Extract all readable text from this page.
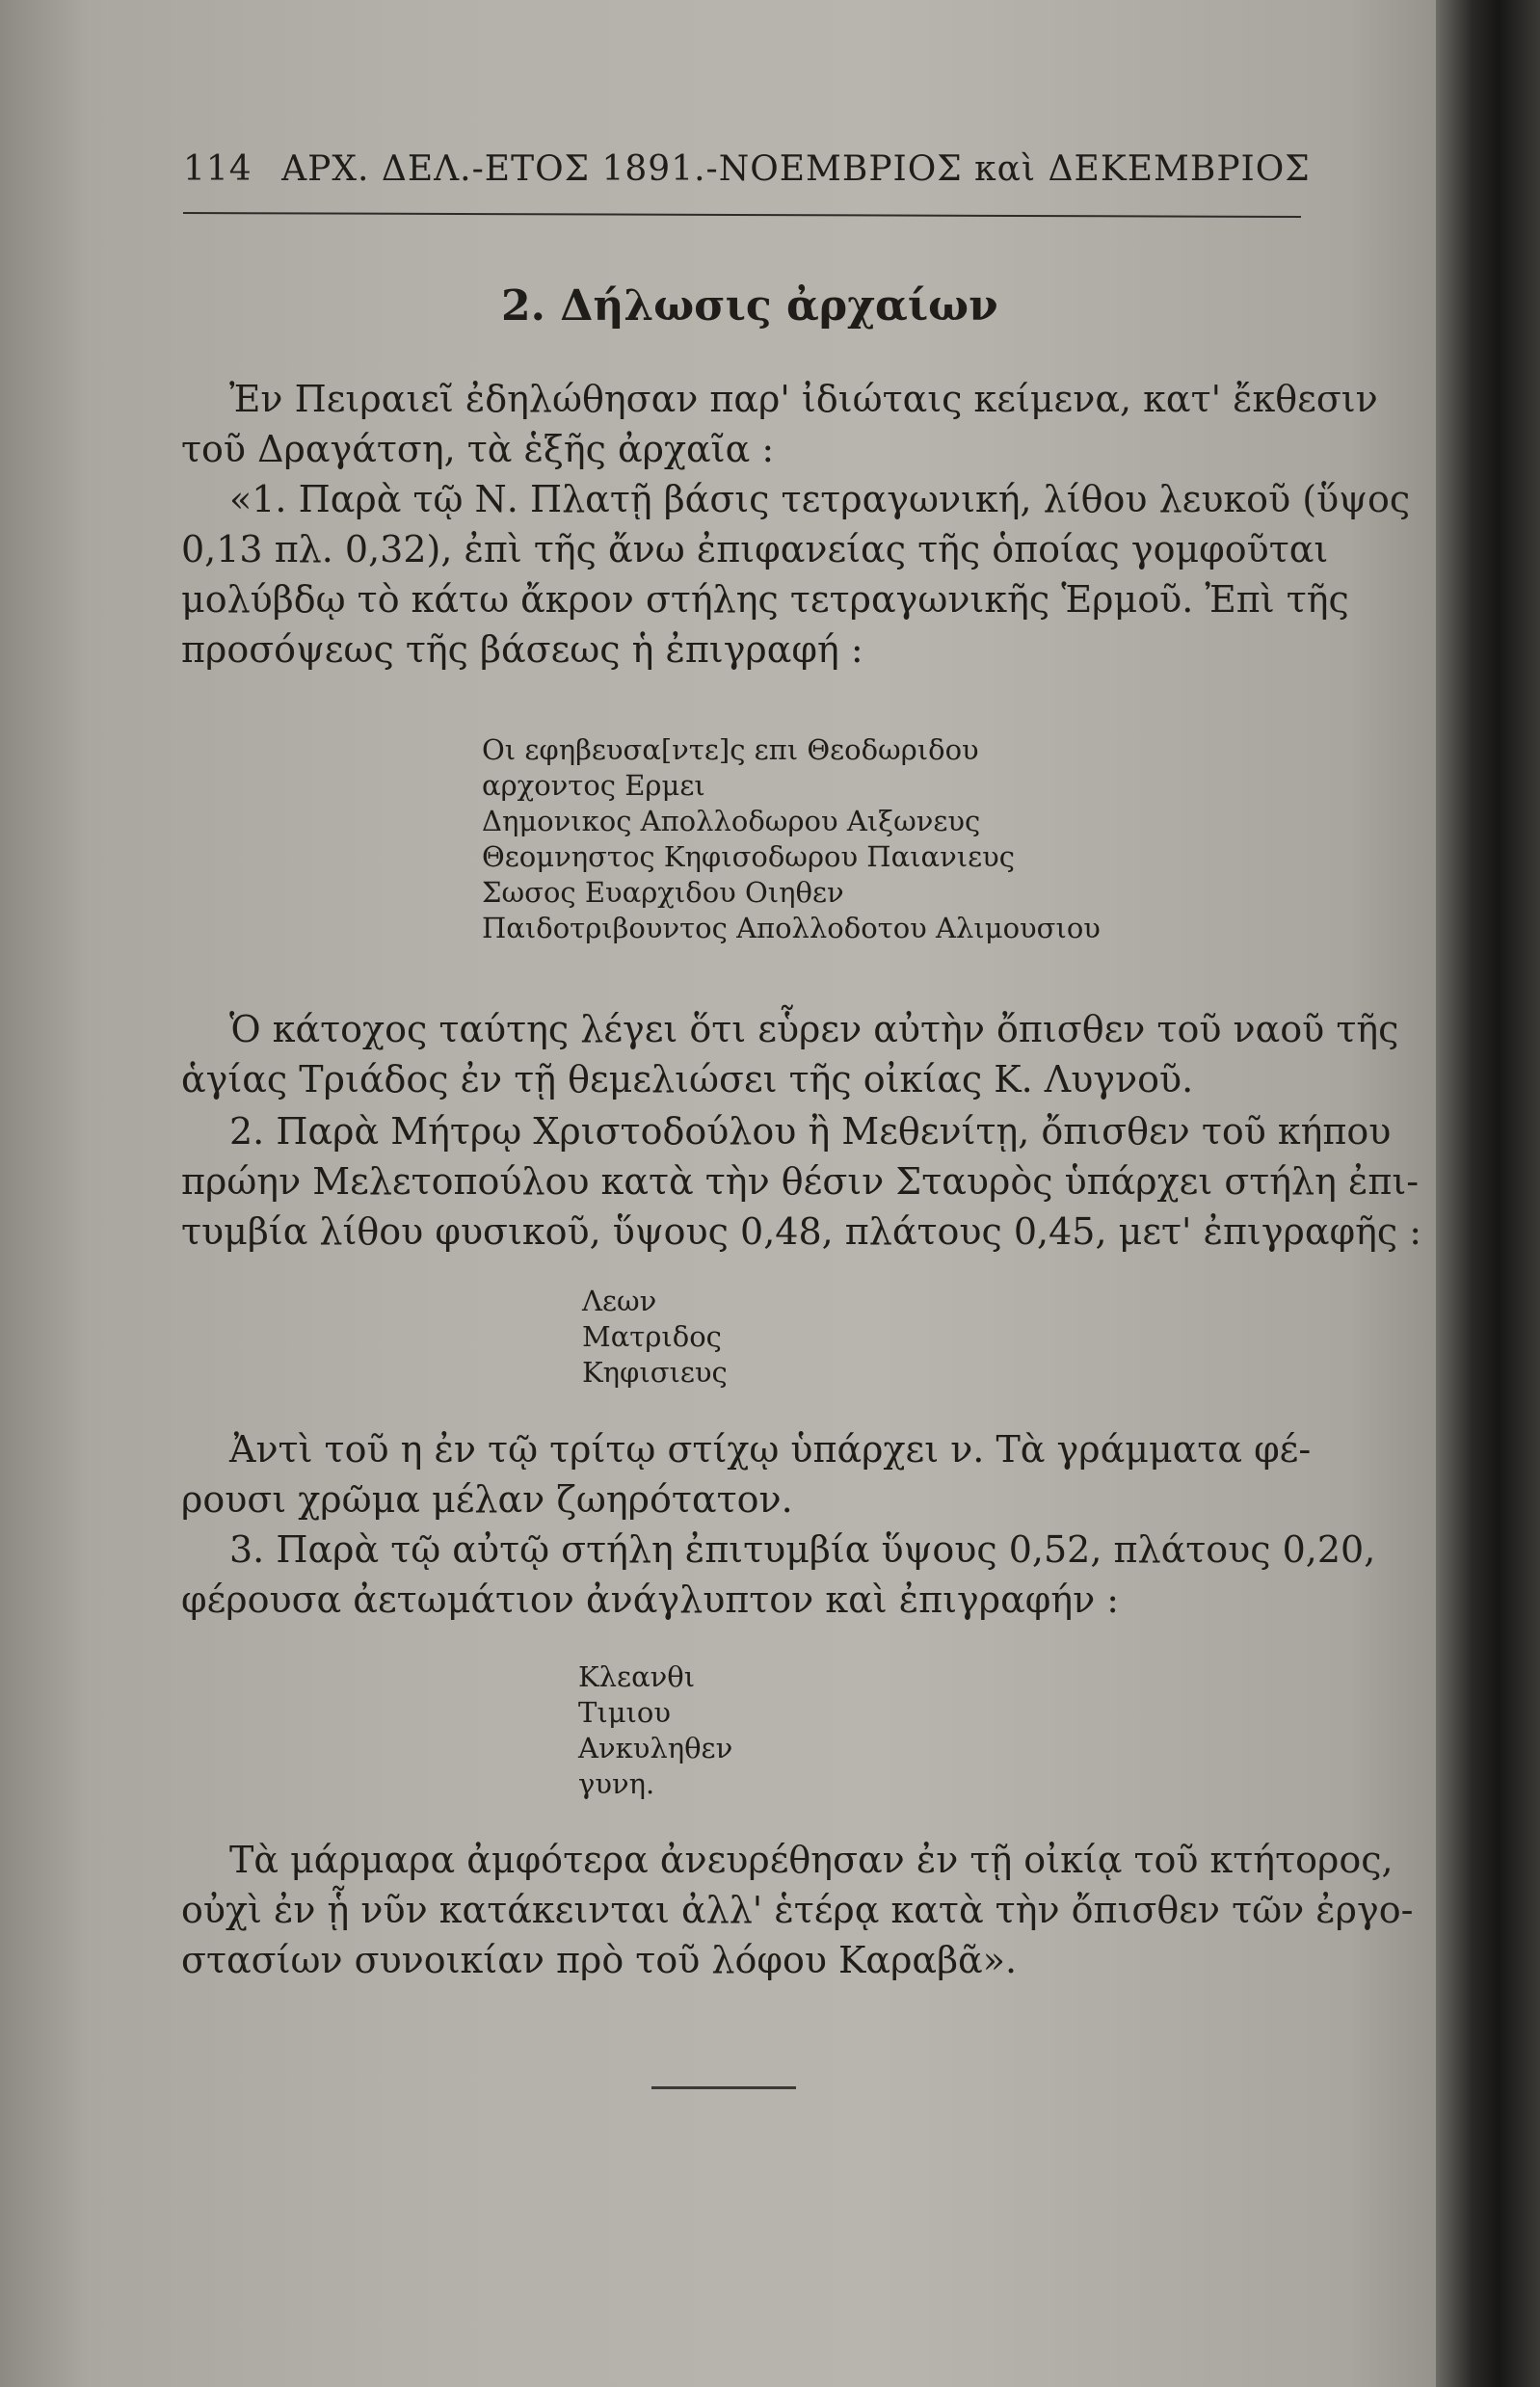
114 ΑΡΧ. ΔΕΛ.-ΕΤΟΣ 1891.-ΝΟΕΜΒΡΙΟΣ καὶ ΔΕΚΕΜΒΡΙΟΣ
2. Δήλωσις ἀρχαίων
Ἐν Πειραιεῖ ἐδηλώθησαν παρ' ἰδιώταις κείμενα, κατ' ἔκθεσιν
τοῦ Δραγάτση, τὰ ἑξῆς ἀρχαῖα :
«1. Παρὰ τῷ Ν. Πλατῇ βάσις τετραγωνική, λίθου λευκοῦ (ὕψος
0,13 πλ. 0,32), ἐπὶ τῆς ἄνω ἐπιφανείας τῆς ὁποίας γομφοῦται
μολύβδῳ τὸ κάτω ἄκρον στήλης τετραγωνικῆς Ἑρμοῦ. Ἐπὶ τῆς
προσόψεως τῆς βάσεως ἡ ἐπιγραφή :
Οι εφηβευσα[ντε]ς επι Θεοδωριδου
αρχοντος Ερμει
Δημονικος Απολλοδωρου Αιξωνευς
Θεομνηστος Κηφισοδωρου Παιανιευς
Σωσος Ευαρχιδου Οιηθεν
Παιδοτριβουντος Απολλοδοτου Αλιμουσιου
Ὁ κάτοχος ταύτης λέγει ὅτι εὗρεν αὐτὴν ὄπισθεν τοῦ ναοῦ τῆς
ἁγίας Τριάδος ἐν τῇ θεμελιώσει τῆς οἰκίας Κ. Λυγνοῦ.
2. Παρὰ Μήτρῳ Χριστοδούλου ἢ Μεθενίτῃ, ὄπισθεν τοῦ κήπου
πρώην Μελετοπούλου κατὰ τὴν θέσιν Σταυρὸς ὑπάρχει στήλη ἐπι-
τυμβία λίθου φυσικοῦ, ὕψους 0,48, πλάτους 0,45, μετ' ἐπιγραφῆς :
Λεων
Ματριδος
Κηφισιευς
Ἀντὶ τοῦ η ἐν τῷ τρίτῳ στίχῳ ὑπάρχει ν. Τὰ γράμματα φέ-
ρουσι χρῶμα μέλαν ζωηρότατον.
3. Παρὰ τῷ αὐτῷ στήλη ἐπιτυμβία ὕψους 0,52, πλάτους 0,20,
φέρουσα ἀετωμάτιον ἀνάγλυπτον καὶ ἐπιγραφήν :
Κλεανθι
Τιμιου
Ανκυληθεν
γυνη.
Τὰ μάρμαρα ἀμφότερα ἀνευρέθησαν ἐν τῇ οἰκίᾳ τοῦ κτήτορος,
οὐχὶ ἐν ᾗ νῦν κατάκεινται ἀλλ' ἑτέρᾳ κατὰ τὴν ὄπισθεν τῶν ἐργο-
στασίων συνοικίαν πρὸ τοῦ λόφου Καραβᾶ».
